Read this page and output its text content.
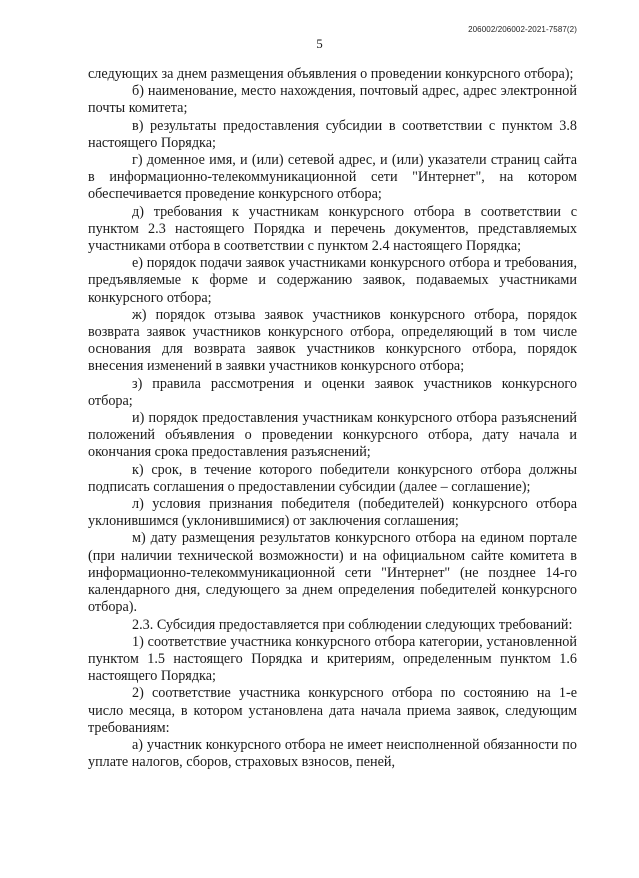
206002/206002-2021-7587(2)
5

следующих за днем размещения объявления о проведении конкурсного отбора);

б) наименование, место нахождения, почтовый адрес, адрес электронной почты комитета;

в) результаты предоставления субсидии в соответствии с пунктом 3.8 настоящего Порядка;

г) доменное имя, и (или) сетевой адрес, и (или) указатели страниц сайта в информационно-телекоммуникационной сети "Интернет", на котором обеспечивается проведение конкурсного отбора;

д) требования к участникам конкурсного отбора в соответствии с пунктом 2.3 настоящего Порядка и перечень документов, представляемых участниками отбора в соответствии с пунктом 2.4 настоящего Порядка;

е) порядок подачи заявок участниками конкурсного отбора и требования, предъявляемые к форме и содержанию заявок, подаваемых участниками конкурсного отбора;

ж) порядок отзыва заявок участников конкурсного отбора, порядок возврата заявок участников конкурсного отбора, определяющий в том числе основания для возврата заявок участников конкурсного отбора, порядок внесения изменений в заявки участников конкурсного отбора;

з) правила рассмотрения и оценки заявок участников конкурсного отбора;

и) порядок предоставления участникам конкурсного отбора разъяснений положений объявления о проведении конкурсного отбора, дату начала и окончания срока предоставления разъяснений;

к) срок, в течение которого победители конкурсного отбора должны подписать соглашения о предоставлении субсидии (далее – соглашение);

л) условия признания победителя (победителей) конкурсного отбора уклонившимся (уклонившимися) от заключения соглашения;

м) дату размещения результатов конкурсного отбора на едином портале (при наличии технической возможности) и на официальном сайте комитета в информационно-телекоммуникационной сети "Интернет" (не позднее 14-го календарного дня, следующего за днем определения победителей конкурсного отбора).

2.3. Субсидия предоставляется при соблюдении следующих требований:

1) соответствие участника конкурсного отбора категории, установленной пунктом 1.5 настоящего Порядка и критериям, определенным пунктом 1.6 настоящего Порядка;

2) соответствие участника конкурсного отбора по состоянию на 1-е число месяца, в котором установлена дата начала приема заявок, следующим требованиям:

а) участник конкурсного отбора не имеет неисполненной обязанности по уплате налогов, сборов, страховых взносов, пеней,
